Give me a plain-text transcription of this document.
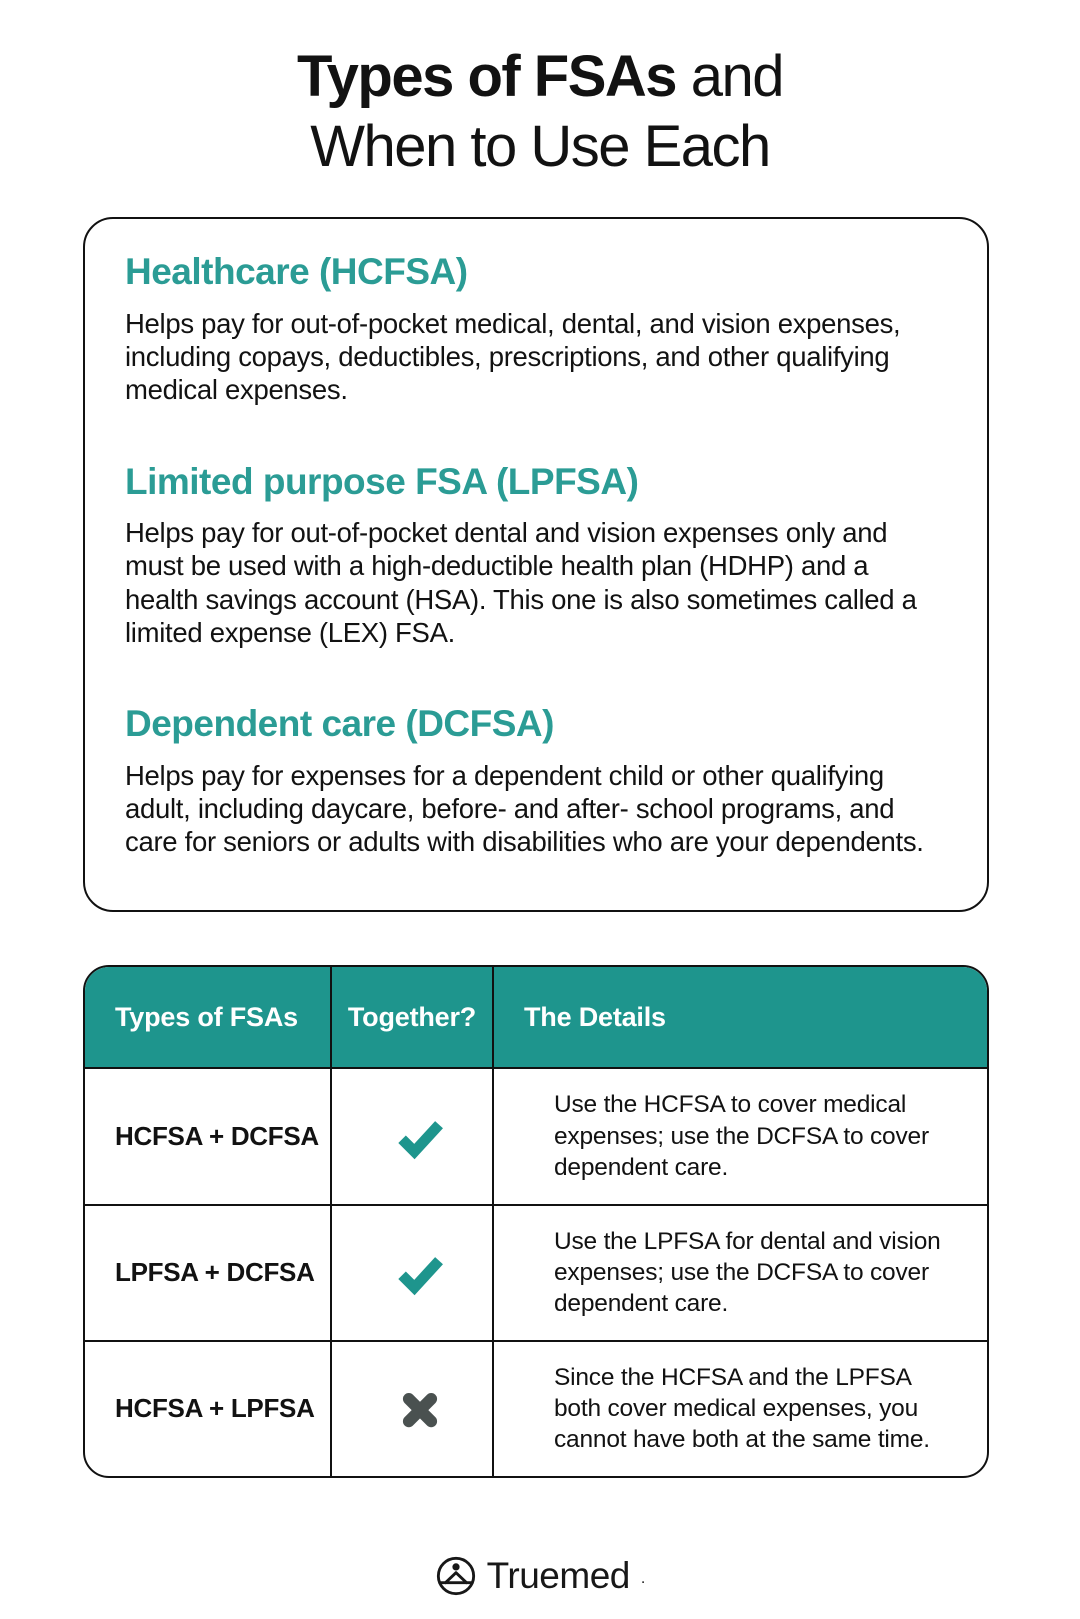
Types of FSAs and
When to Use Each
Healthcare (HCFSA)

Helps pay for out-of-pocket medical, dental, and vision expenses, including copays, deductibles, prescriptions, and other qualifying medical expenses.

Limited purpose FSA (LPFSA)

Helps pay for out-of-pocket dental and vision expenses only and must be used with a high-deductible health plan (HDHP) and a health savings account (HSA). This one is also sometimes called a limited expense (LEX) FSA.

Dependent care (DCFSA)

Helps pay for expenses for a dependent child or other qualifying adult, including daycare, before- and after- school programs, and care for seniors or adults with disabilities who are your dependents.

Types of FSAs	Together?	The Details
HCFSA + DCFSA
Use the HCFSA to cover medical expenses; use the DCFSA to cover dependent care.
LPFSA + DCFSA
Use the LPFSA for dental and vision expenses; use the DCFSA to cover dependent care.
HCFSA + LPFSA
Since the HCFSA and the LPFSA both cover medical expenses, you cannot have both at the same time.
Truemed .
